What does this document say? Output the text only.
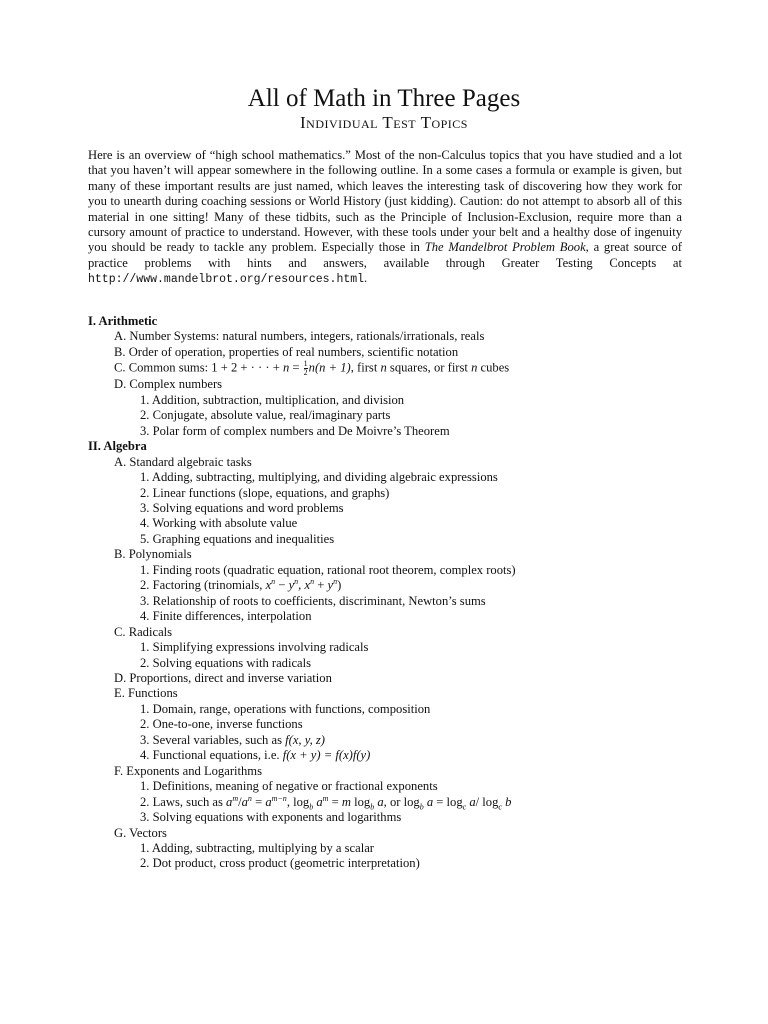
All of Math in Three Pages
Individual Test Topics

Here is an overview of “high school mathematics.” Most of the non-Calculus topics that you have studied and a lot that you haven’t will appear somewhere in the following outline. In a some cases a formula or example is given, but many of these important results are just named, which leaves the interesting task of discovering how they work for you to unearth during coaching sessions or World History (just kidding). Caution: do not attempt to absorb all of this material in one sitting! Many of these tidbits, such as the Principle of Inclusion-Exclusion, require more than a cursory amount of practice to understand. However, with these tools under your belt and a healthy dose of ingenuity you should be ready to tackle any problem. Especially those in The Mandelbrot Problem Book, a great source of practice problems with hints and answers, available through Greater Testing Concepts at http://www.mandelbrot.org/resources.html.

I. Arithmetic
A. Number Systems: natural numbers, integers, rationals/irrationals, reals
B. Order of operation, properties of real numbers, scientific notation
C. Common sums: 1 + 2 + · · · + $n = \frac{1}{2} n(n + 1)$, first n squares, or first n cubes
D. Complex numbers
1. Addition, subtraction, multiplication, and division
2. Conjugate, absolute value, real/imaginary parts
3. Polar form of complex numbers and De Moivre’s Theorem
II. Algebra
A. Standard algebraic tasks
1. Adding, subtracting, multiplying, and dividing algebraic expressions
2. Linear functions (slope, equations, and graphs)
3. Solving equations and word problems
4. Working with absolute value
5. Graphing equations and inequalities
B. Polynomials
1. Finding roots (quadratic equation, rational root theorem, complex roots)
2. Factoring (trinomials, $x^n - y^n$, $x^n + y^n$)
3. Relationship of roots to coefficients, discriminant, Newton’s sums
4. Finite differences, interpolation
C. Radicals
1. Simplifying expressions involving radicals
2. Solving equations with radicals
D. Proportions, direct and inverse variation
E. Functions
1. Domain, range, operations with functions, composition
2. One-to-one, inverse functions
3. Several variables, such as f(x, y, z)
4. Functional equations, i.e. f(x + y) = f(x)f(y)
F. Exponents and Logarithms
1. Definitions, meaning of negative or fractional exponents
2. Laws, such as $a^m/a^n = a^{m-n}$, $\log_b a^m = m$ $\log_b a$, or $\log_b a = \log_c a/$ $\log_c b$
3. Solving equations with exponents and logarithms
G. Vectors
1. Adding, subtracting, multiplying by a scalar
2. Dot product, cross product (geometric interpretation)
